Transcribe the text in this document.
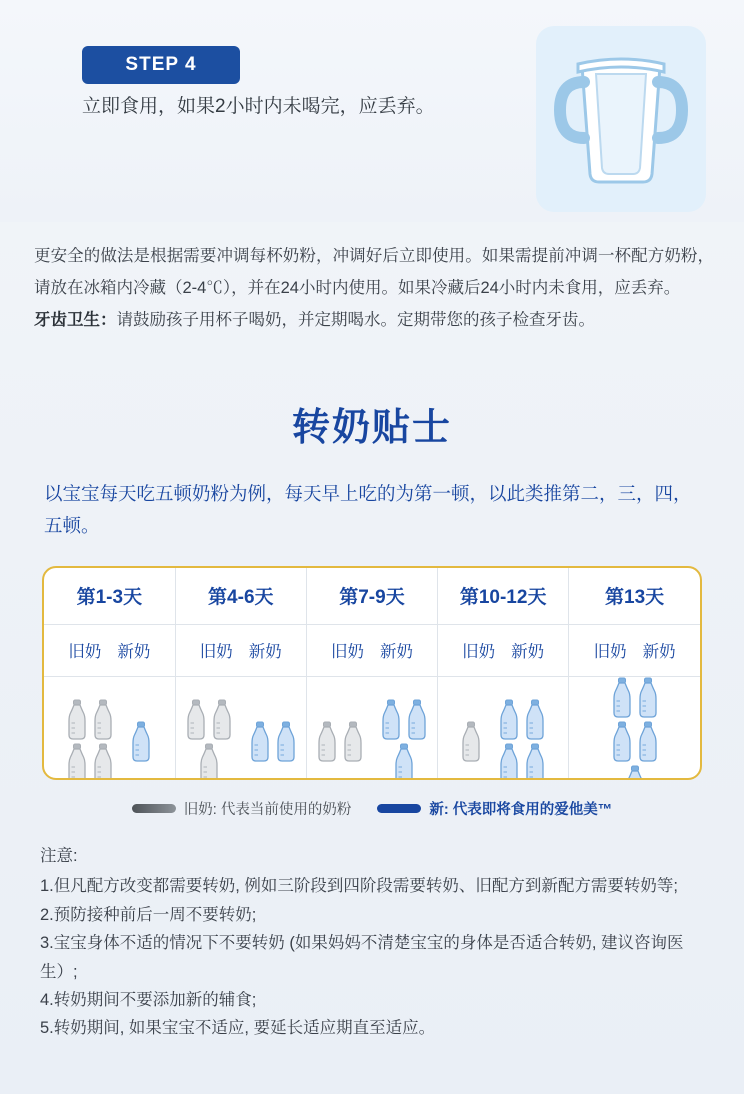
STEP 4
立即食用，如果2小时内未喝完，应丢弃。
更安全的做法是根据需要冲调每杯奶粉，冲调好后立即使用。如果需提前冲调一杯配方奶粉，请放在冰箱内冷藏（2-4℃），并在24小时内使用。如果冷藏后24小时内未食用，应丢弃。
牙齿卫生：请鼓励孩子用杯子喝奶，并定期喝水。定期带您的孩子检查牙齿。
转奶贴士
以宝宝每天吃五顿奶粉为例，每天早上吃的为第一顿，以此类推第二，三，四，五顿。
第1-3天	第4-6天	第7-9天	第10-12天	第13天

旧奶 新奶	旧奶 新奶	旧奶 新奶	旧奶 新奶	旧奶 新奶

旧奶: 代表当前使用的奶粉	新: 代表即将食用的爱他美™

注意:

1.但凡配方改变都需要转奶, 例如三阶段到四阶段需要转奶、旧配方到新配方需要转奶等;

2.预防接种前后一周不要转奶;

3.宝宝身体不适的情况下不要转奶 (如果妈妈不清楚宝宝的身体是否适合转奶, 建议咨询医生）;

4.转奶期间不要添加新的辅食;

5.转奶期间, 如果宝宝不适应, 要延长适应期直至适应。
